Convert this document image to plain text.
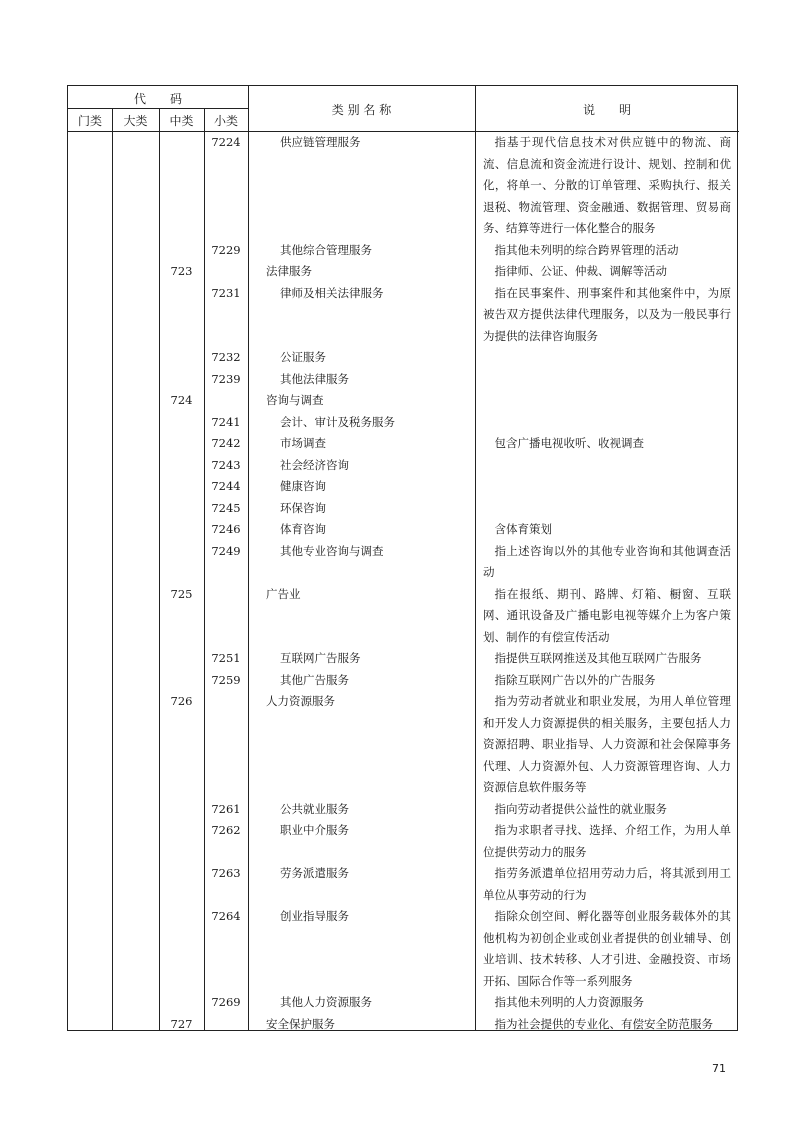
代　　码
门类	大类	中类	小类
类 别 名 称	说　　明
7224	供应链管理服务	指基于现代信息技术对供应链中的物流、商流、信息流和资金流进行设计、规划、控制和优化，将单一、分散的订单管理、采购执行、报关退税、物流管理、资金融通、数据管理、贸易商务、结算等进行一体化整合的服务
7229	其他综合管理服务	指其他未列明的综合跨界管理的活动
723	法律服务	指律师、公证、仲裁、调解等活动
7231	律师及相关法律服务	指在民事案件、刑事案件和其他案件中，为原被告双方提供法律代理服务，以及为一般民事行为提供的法律咨询服务
7232	公证服务
7239	其他法律服务
724	咨询与调查
7241	会计、审计及税务服务
7242	市场调查	包含广播电视收听、收视调查
7243	社会经济咨询
7244	健康咨询
7245	环保咨询
7246	体育咨询	含体育策划
7249	其他专业咨询与调查	指上述咨询以外的其他专业咨询和其他调查活动
725	广告业	指在报纸、期刊、路牌、灯箱、橱窗、互联网、通讯设备及广播电影电视等媒介上为客户策划、制作的有偿宣传活动
7251	互联网广告服务	指提供互联网推送及其他互联网广告服务
7259	其他广告服务	指除互联网广告以外的广告服务
726	人力资源服务	指为劳动者就业和职业发展，为用人单位管理和开发人力资源提供的相关服务，主要包括人力资源招聘、职业指导、人力资源和社会保障事务代理、人力资源外包、人力资源管理咨询、人力资源信息软件服务等
7261	公共就业服务	指向劳动者提供公益性的就业服务
7262	职业中介服务	指为求职者寻找、选择、介绍工作，为用人单位提供劳动力的服务
7263	劳务派遣服务	指劳务派遣单位招用劳动力后，将其派到用工单位从事劳动的行为
7264	创业指导服务	指除众创空间、孵化器等创业服务载体外的其他机构为初创企业或创业者提供的创业辅导、创业培训、技术转移、人才引进、金融投资、市场开拓、国际合作等一系列服务
7269	其他人力资源服务	指其他未列明的人力资源服务
727	安全保护服务	指为社会提供的专业化、有偿安全防范服务
71
